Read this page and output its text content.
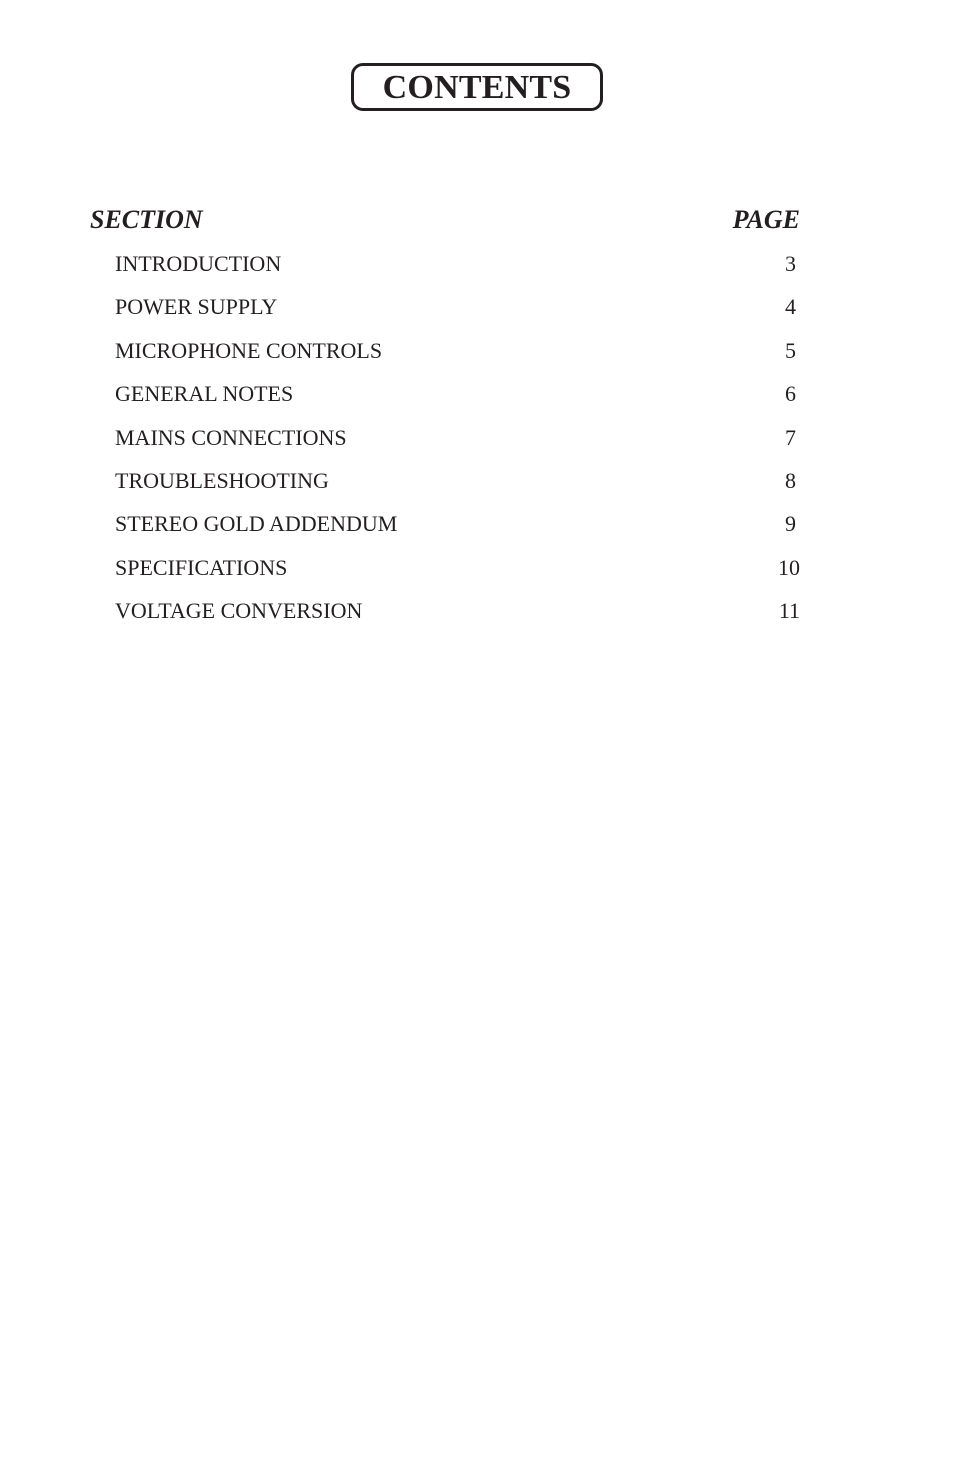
CONTENTS
SECTION	PAGE
INTRODUCTION	3
POWER SUPPLY	4
MICROPHONE CONTROLS	5
GENERAL NOTES	6
MAINS CONNECTIONS	7
TROUBLESHOOTING	8
STEREO GOLD ADDENDUM	9
SPECIFICATIONS	10
VOLTAGE CONVERSION	11
